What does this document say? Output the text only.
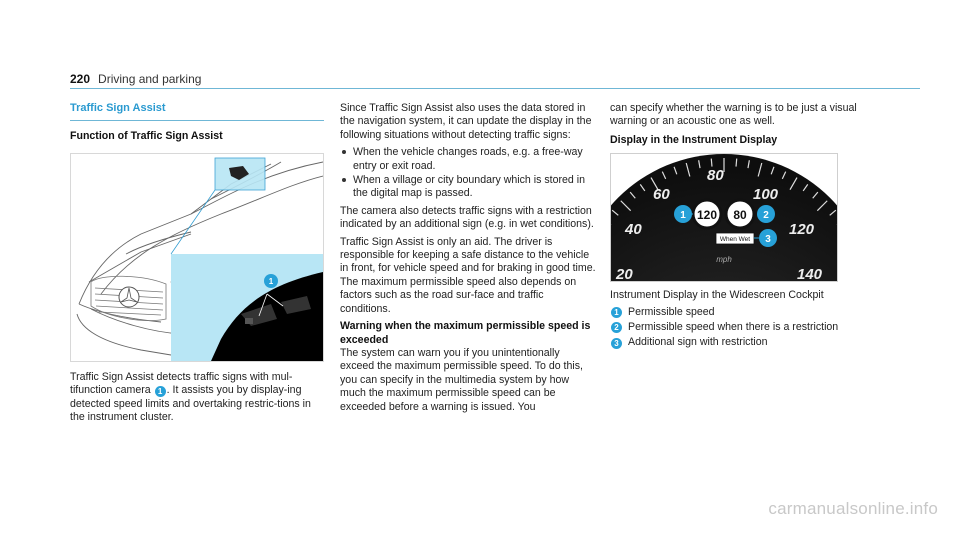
220 Driving and parking
Traffic Sign Assist
Function of Traffic Sign Assist
1

Traffic Sign Assist detects traffic signs with mul-tifunction camera 1 . It assists you by display-ing detected speed limits and overtaking restric-tions in the instrument cluster.

Since Traffic Sign Assist also uses the data stored in the navigation system, it can update the display in the following situations without detecting traffic signs:

When the vehicle changes roads, e.g. a free-way entry or exit road.
When a village or city boundary which is stored in the digital map is passed.

The camera also detects traffic signs with a restriction indicated by an additional sign (e.g. in wet conditions).

Traffic Sign Assist is only an aid. The driver is responsible for keeping a safe distance to the vehicle in front, for vehicle speed and for braking in good time. The maximum permissible speed also depends on factors such as the road sur-face and traffic conditions.

Warning when the maximum permissible speed is exceeded

The system can warn you if you unintentionally exceed the maximum permissible speed. To do this, you can specify in the multimedia system by how much the maximum permissible speed can be exceeded before a warning is issued. You

can specify whether the warning is to be just a visual warning or an acoustic one as well.

Display in the Instrument Display

20
40
60
80
100
120
140
120 80
When Wet
mph
1	2
3

Instrument Display in the Widescreen Cockpit

1 Permissible speed
2 Permissible speed when there is a restriction
3 Additional sign with restriction
carmanualsonline.info
